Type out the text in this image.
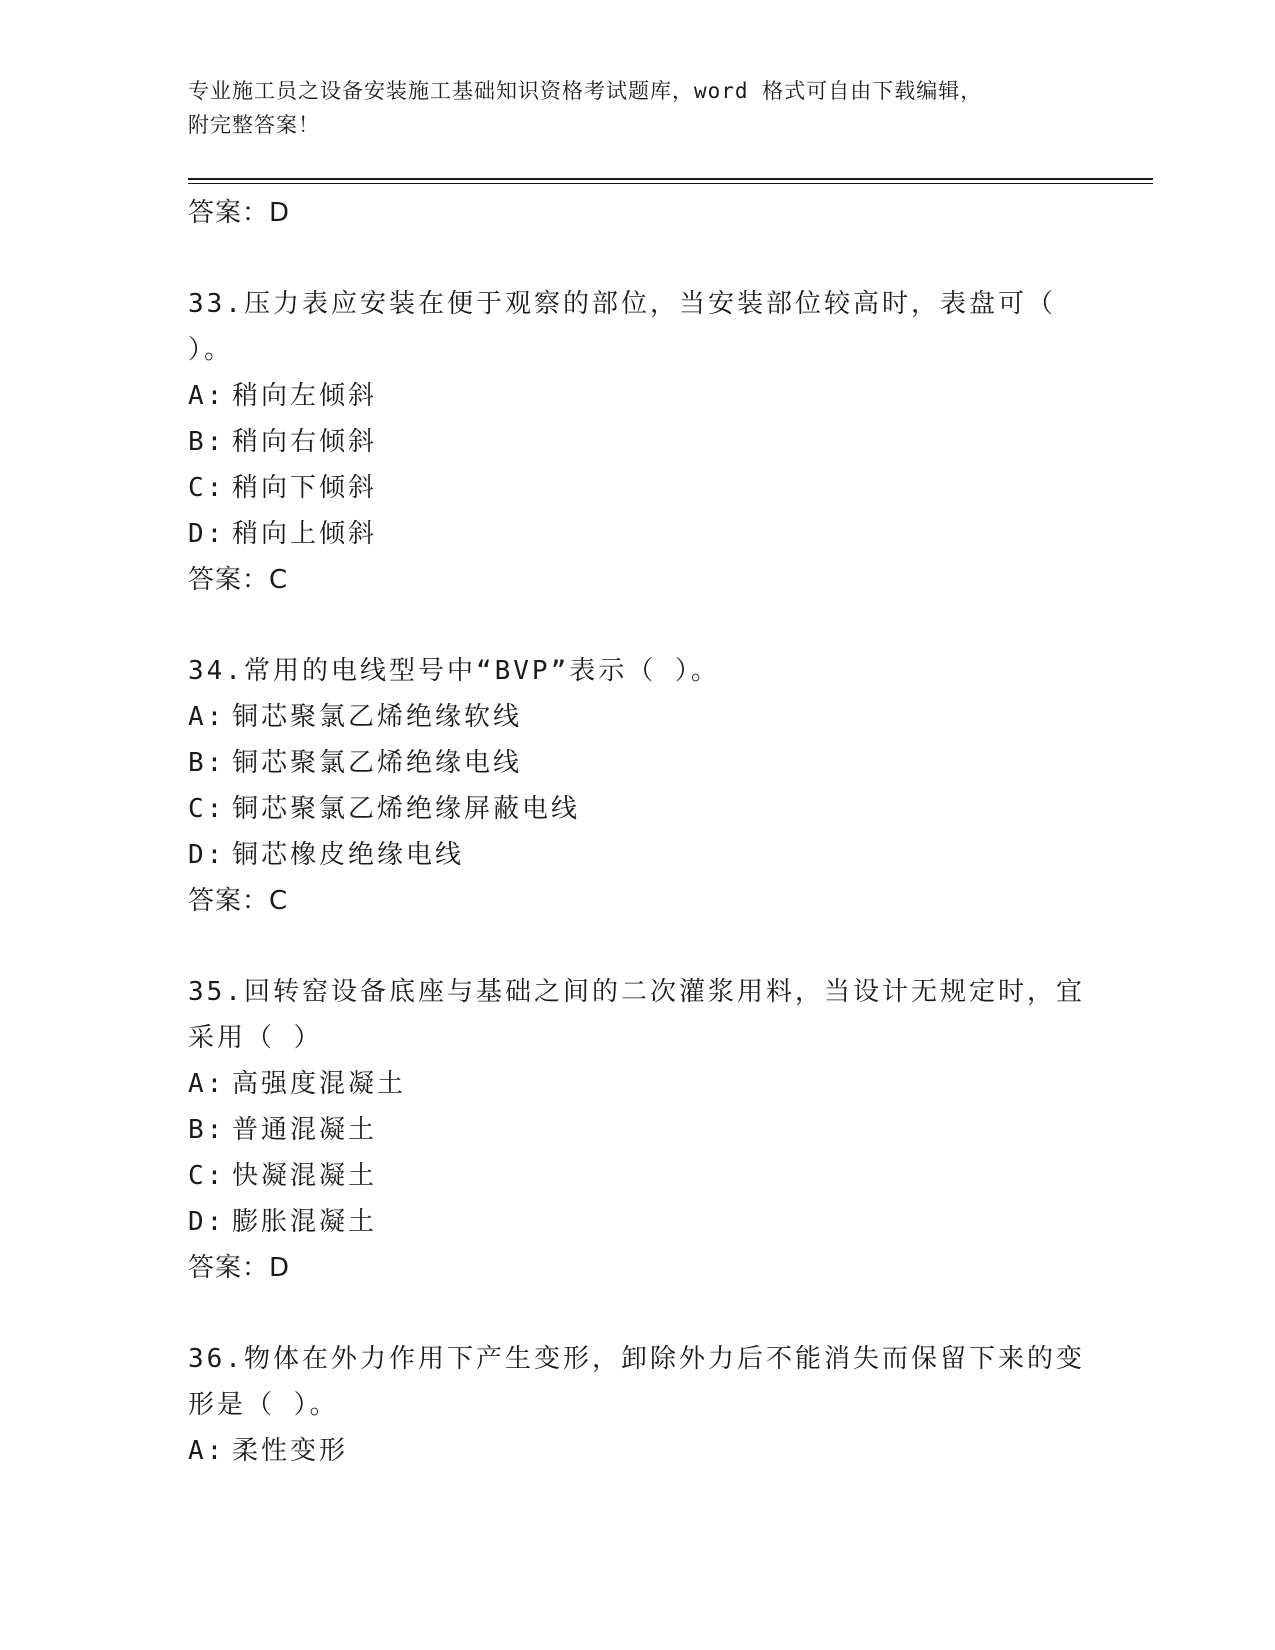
专业施工员之设备安装施工基础知识资格考试题库，word 格式可自由下载编辑，
附完整答案！
答案：D
33.压力表应安装在便于观察的部位，当安装部位较高时，表盘可（
）。
A: 稍向左倾斜
B: 稍向右倾斜
C: 稍向下倾斜
D: 稍向上倾斜
答案：C
34.常用的电线型号中“BVP”表示（ ）。
A: 铜芯聚氯乙烯绝缘软线
B: 铜芯聚氯乙烯绝缘电线
C: 铜芯聚氯乙烯绝缘屏蔽电线
D: 铜芯橡皮绝缘电线
答案：C
35.回转窑设备底座与基础之间的二次灌浆用料，当设计无规定时，宜
采用（ ）
A: 高强度混凝土
B: 普通混凝土
C: 快凝混凝土
D: 膨胀混凝土
答案：D
36.物体在外力作用下产生变形，卸除外力后不能消失而保留下来的变
形是（ ）。
A: 柔性变形
